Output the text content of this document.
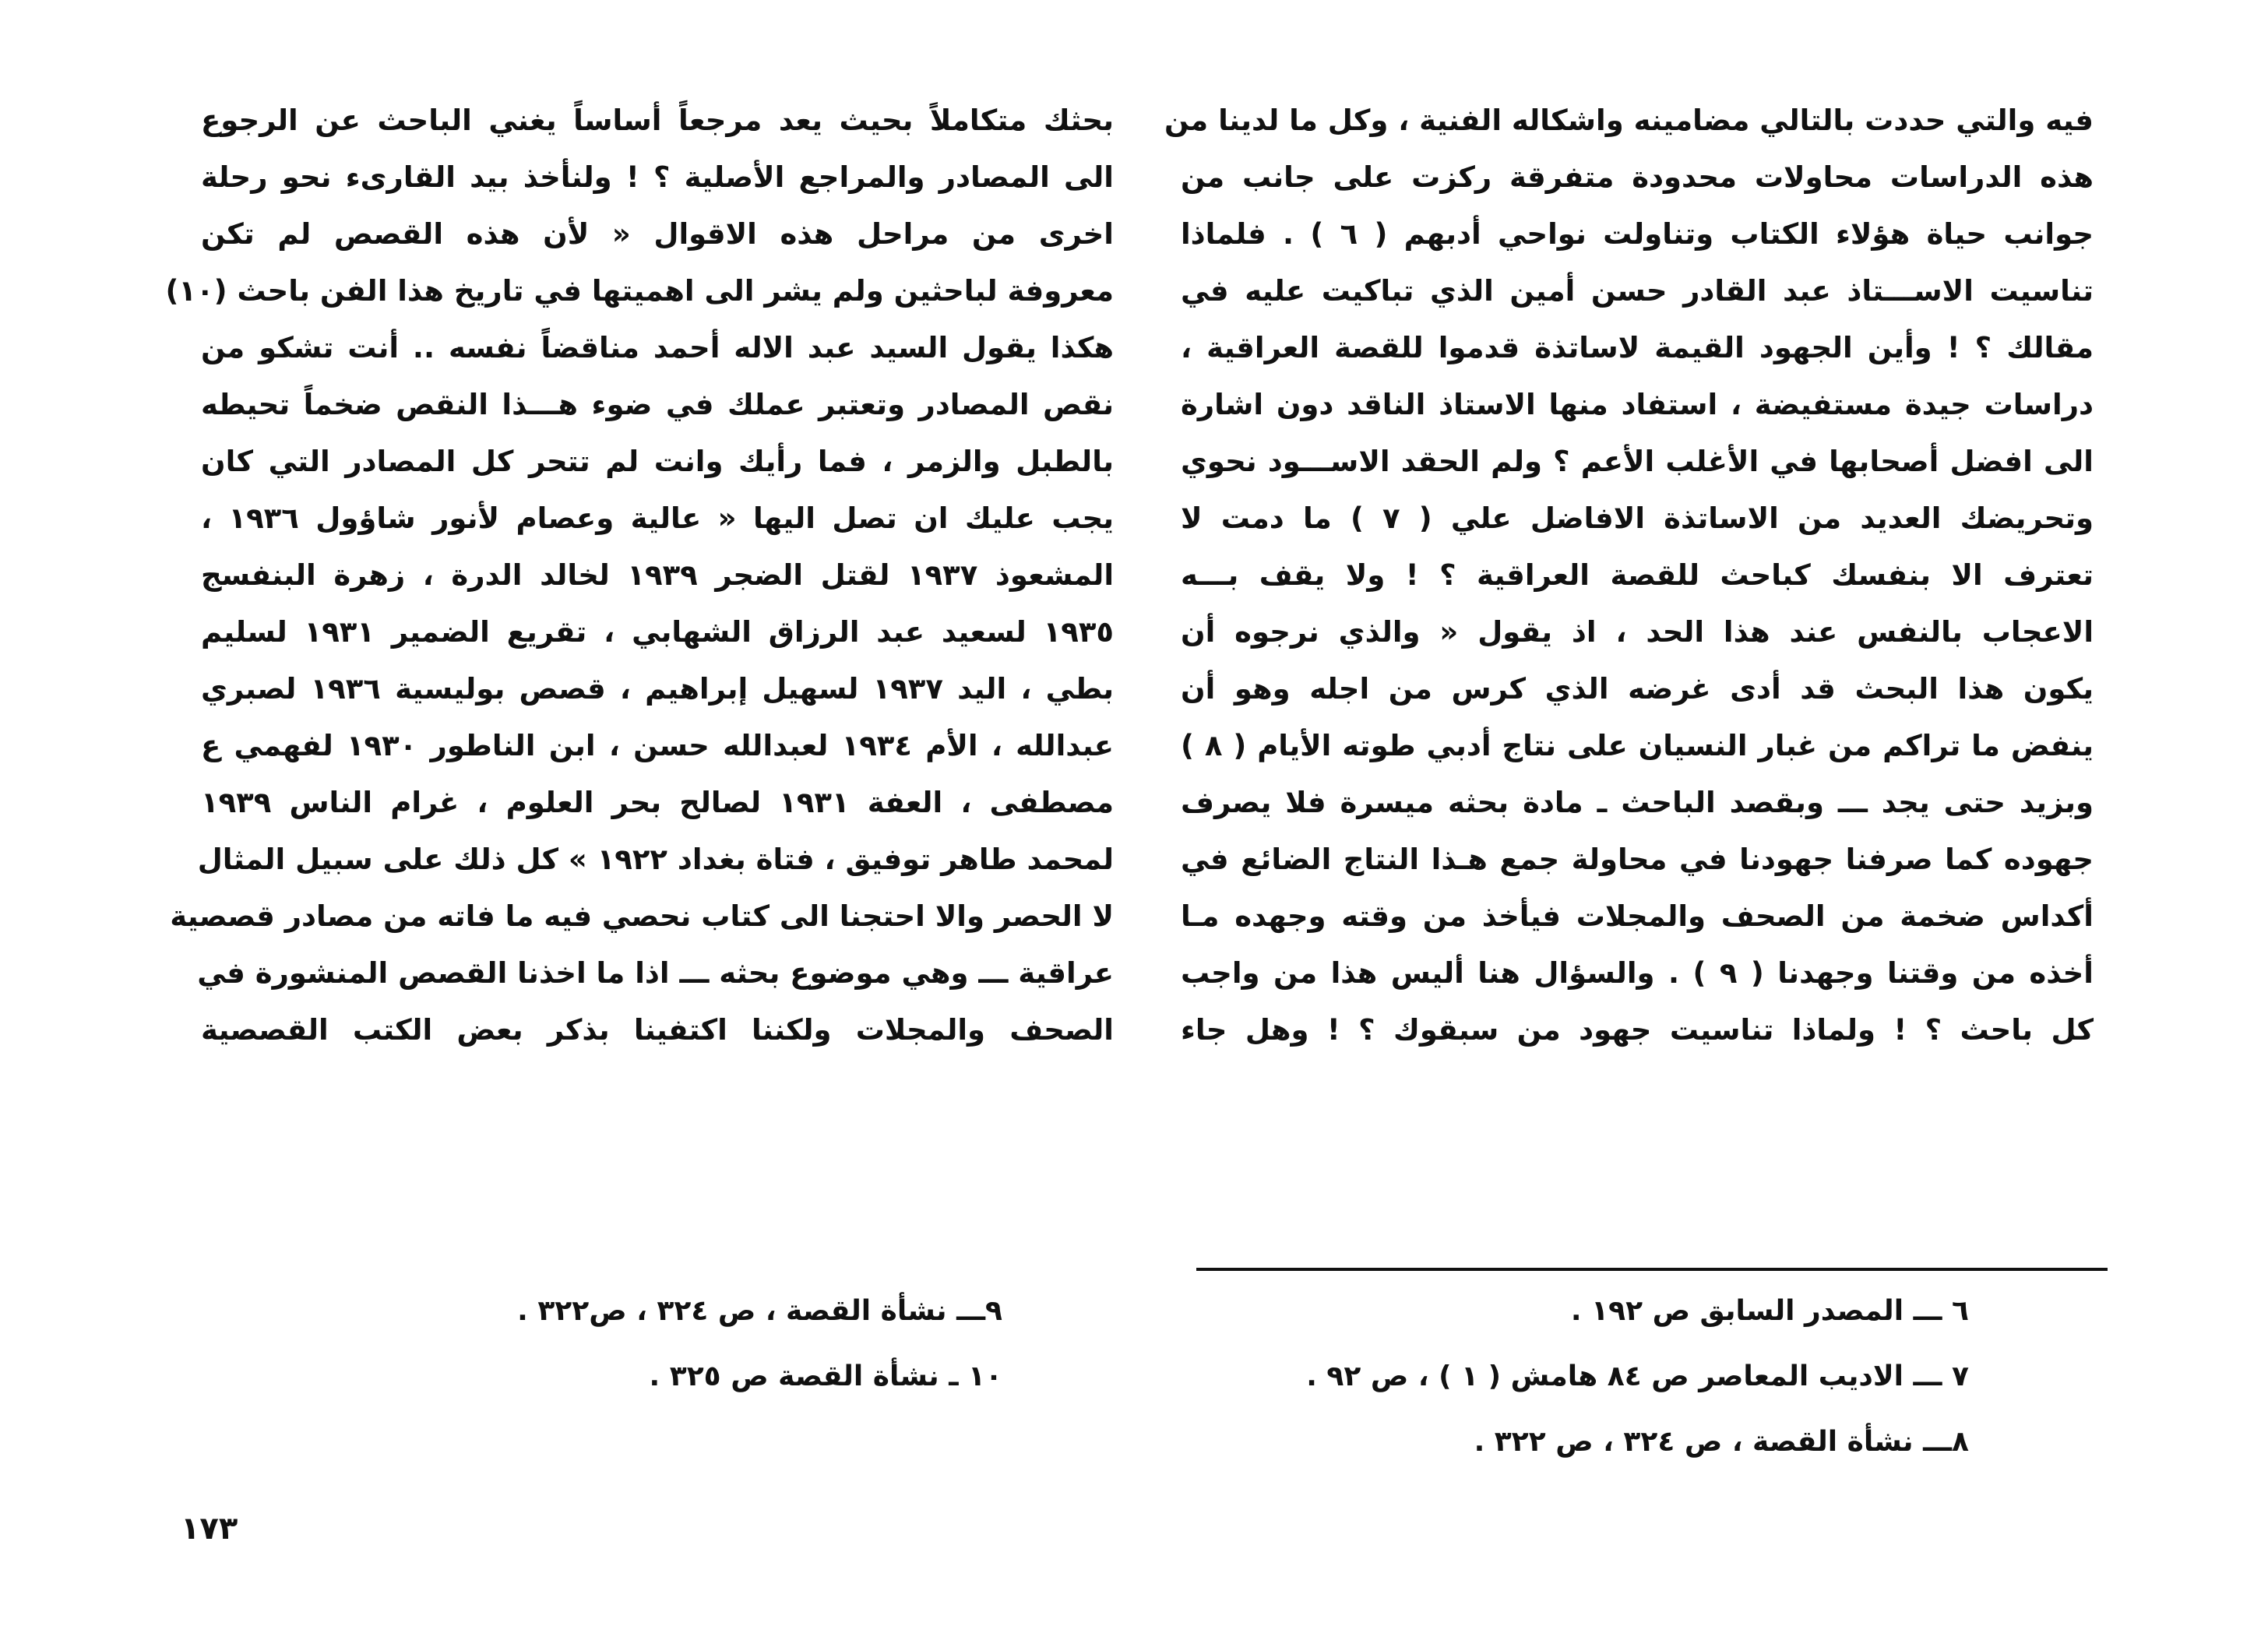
فيه والتي حددت بالتالي مضامينه واشكاله الفنية ، وكل ما لدينا من
هذه الدراسات محاولات محدودة متفرقة ركزت على جانب من
جوانب حياة هؤلاء الكتاب وتناولت نواحي أدبهم ( ٦ ) . فلماذا
تناسيت الاســـتاذ عبد القادر حسن أمين الذي تباكيت عليه في
مقالك ؟ ! وأين الجهود القيمة لاساتذة قدموا للقصة العراقية ،
دراسات جيدة مستفيضة ، استفاد منها الاستاذ الناقد دون اشارة
الى افضل أصحابها في الأغلب الأعم ؟ ولم الحقد الاســـود نحوي
وتحريضك العديد من الاساتذة الافاضل علي ( ٧ ) ما دمت لا
تعترف الا بنفسك كباحث للقصة العراقية ؟ ! ولا يقف بـــه
الاعجاب بالنفس عند هذا الحد ، اذ يقول « والذي نرجوه أن
يكون هذا البحث قد أدى غرضه الذي كرس من اجله وهو أن
ينفض ما تراكم من غبار النسيان على نتاج أدبي طوته الأيام ( ٨ )
وبزيد حتى يجد ـــ وبقصد الباحث ـ مادة بحثه ميسرة فلا يصرف
جهوده كما صرفنا جهودنا في محاولة جمع هـذا النتاج الضائع في
أكداس ضخمة من الصحف والمجلات فيأخذ من وقته وجهده مـا
أخذه من وقتنا وجهدنا ( ٩ ) . والسؤال هنا أليس هذا من واجب
كل باحث ؟ ! ولماذا تناسيت جهود من سبقوك ؟ ! وهل جاء
بحثك متكاملاً بحيث يعد مرجعاً أساساً يغني الباحث عن الرجوع
الى المصادر والمراجع الأصلية ؟ ! ولنأخذ بيد القارىء نحو رحلة
اخرى من مراحل هذه الاقوال « لأن هذه القصص لم تكن
معروفة لباحثين ولم يشر الى اهميتها في تاريخ هذا الفن باحث (١٠)
هكذا يقول السيد عبد الاله أحمد مناقضاً نفسه .. أنت تشكو من
نقص المصادر وتعتبر عملك في ضوء هـــذا النقص ضخماً تحيطه
بالطبل والزمر ، فما رأيك وانت لم تتحر كل المصادر التي كان
يجب عليك ان تصل اليها « عالية وعصام لأنور شاؤول ١٩٣٦ ،
المشعوذ ١٩٣٧ لقتل الضجر ١٩٣٩ لخالد الدرة ، زهرة البنفسج
١٩٣٥ لسعيد عبد الرزاق الشهابي ، تقريع الضمير ١٩٣١ لسليم
بطي ، اليد ١٩٣٧ لسهيل إبراهيم ، قصص بوليسية ١٩٣٦ لصبري
عبدالله ، الأم ١٩٣٤ لعبدالله حسن ، ابن الناطور ١٩٣٠ لفهمي ع
مصطفى ، العفة ١٩٣١ لصالح بحر العلوم ، غرام الناس ١٩٣٩
لمحمد طاهر توفيق ، فتاة بغداد ١٩٢٢ » كل ذلك على سبيل المثال
لا الحصر والا احتجنا الى كتاب نحصي فيه ما فاته من مصادر قصصية
عراقية ـــ وهي موضوع بحثه ـــ اذا ما اخذنا القصص المنشورة في
الصحف والمجلات ولكننا اكتفينا بذكر بعض الكتب القصصية
٦ ـــ المصدر السابق ص ١٩٢ .
٧ ـــ الاديب المعاصر ص ٨٤ هامش ( ١ ) ، ص ٩٢ .
٨ـــ نشأة القصة ، ص ٣٢٤ ، ص ٣٢٢ .
٩ـــ نشأة القصة ، ص ٣٢٤ ، ص٣٢٢ .
١٠ ـ نشأة القصة ص ٣٢٥ .
١٧٣
